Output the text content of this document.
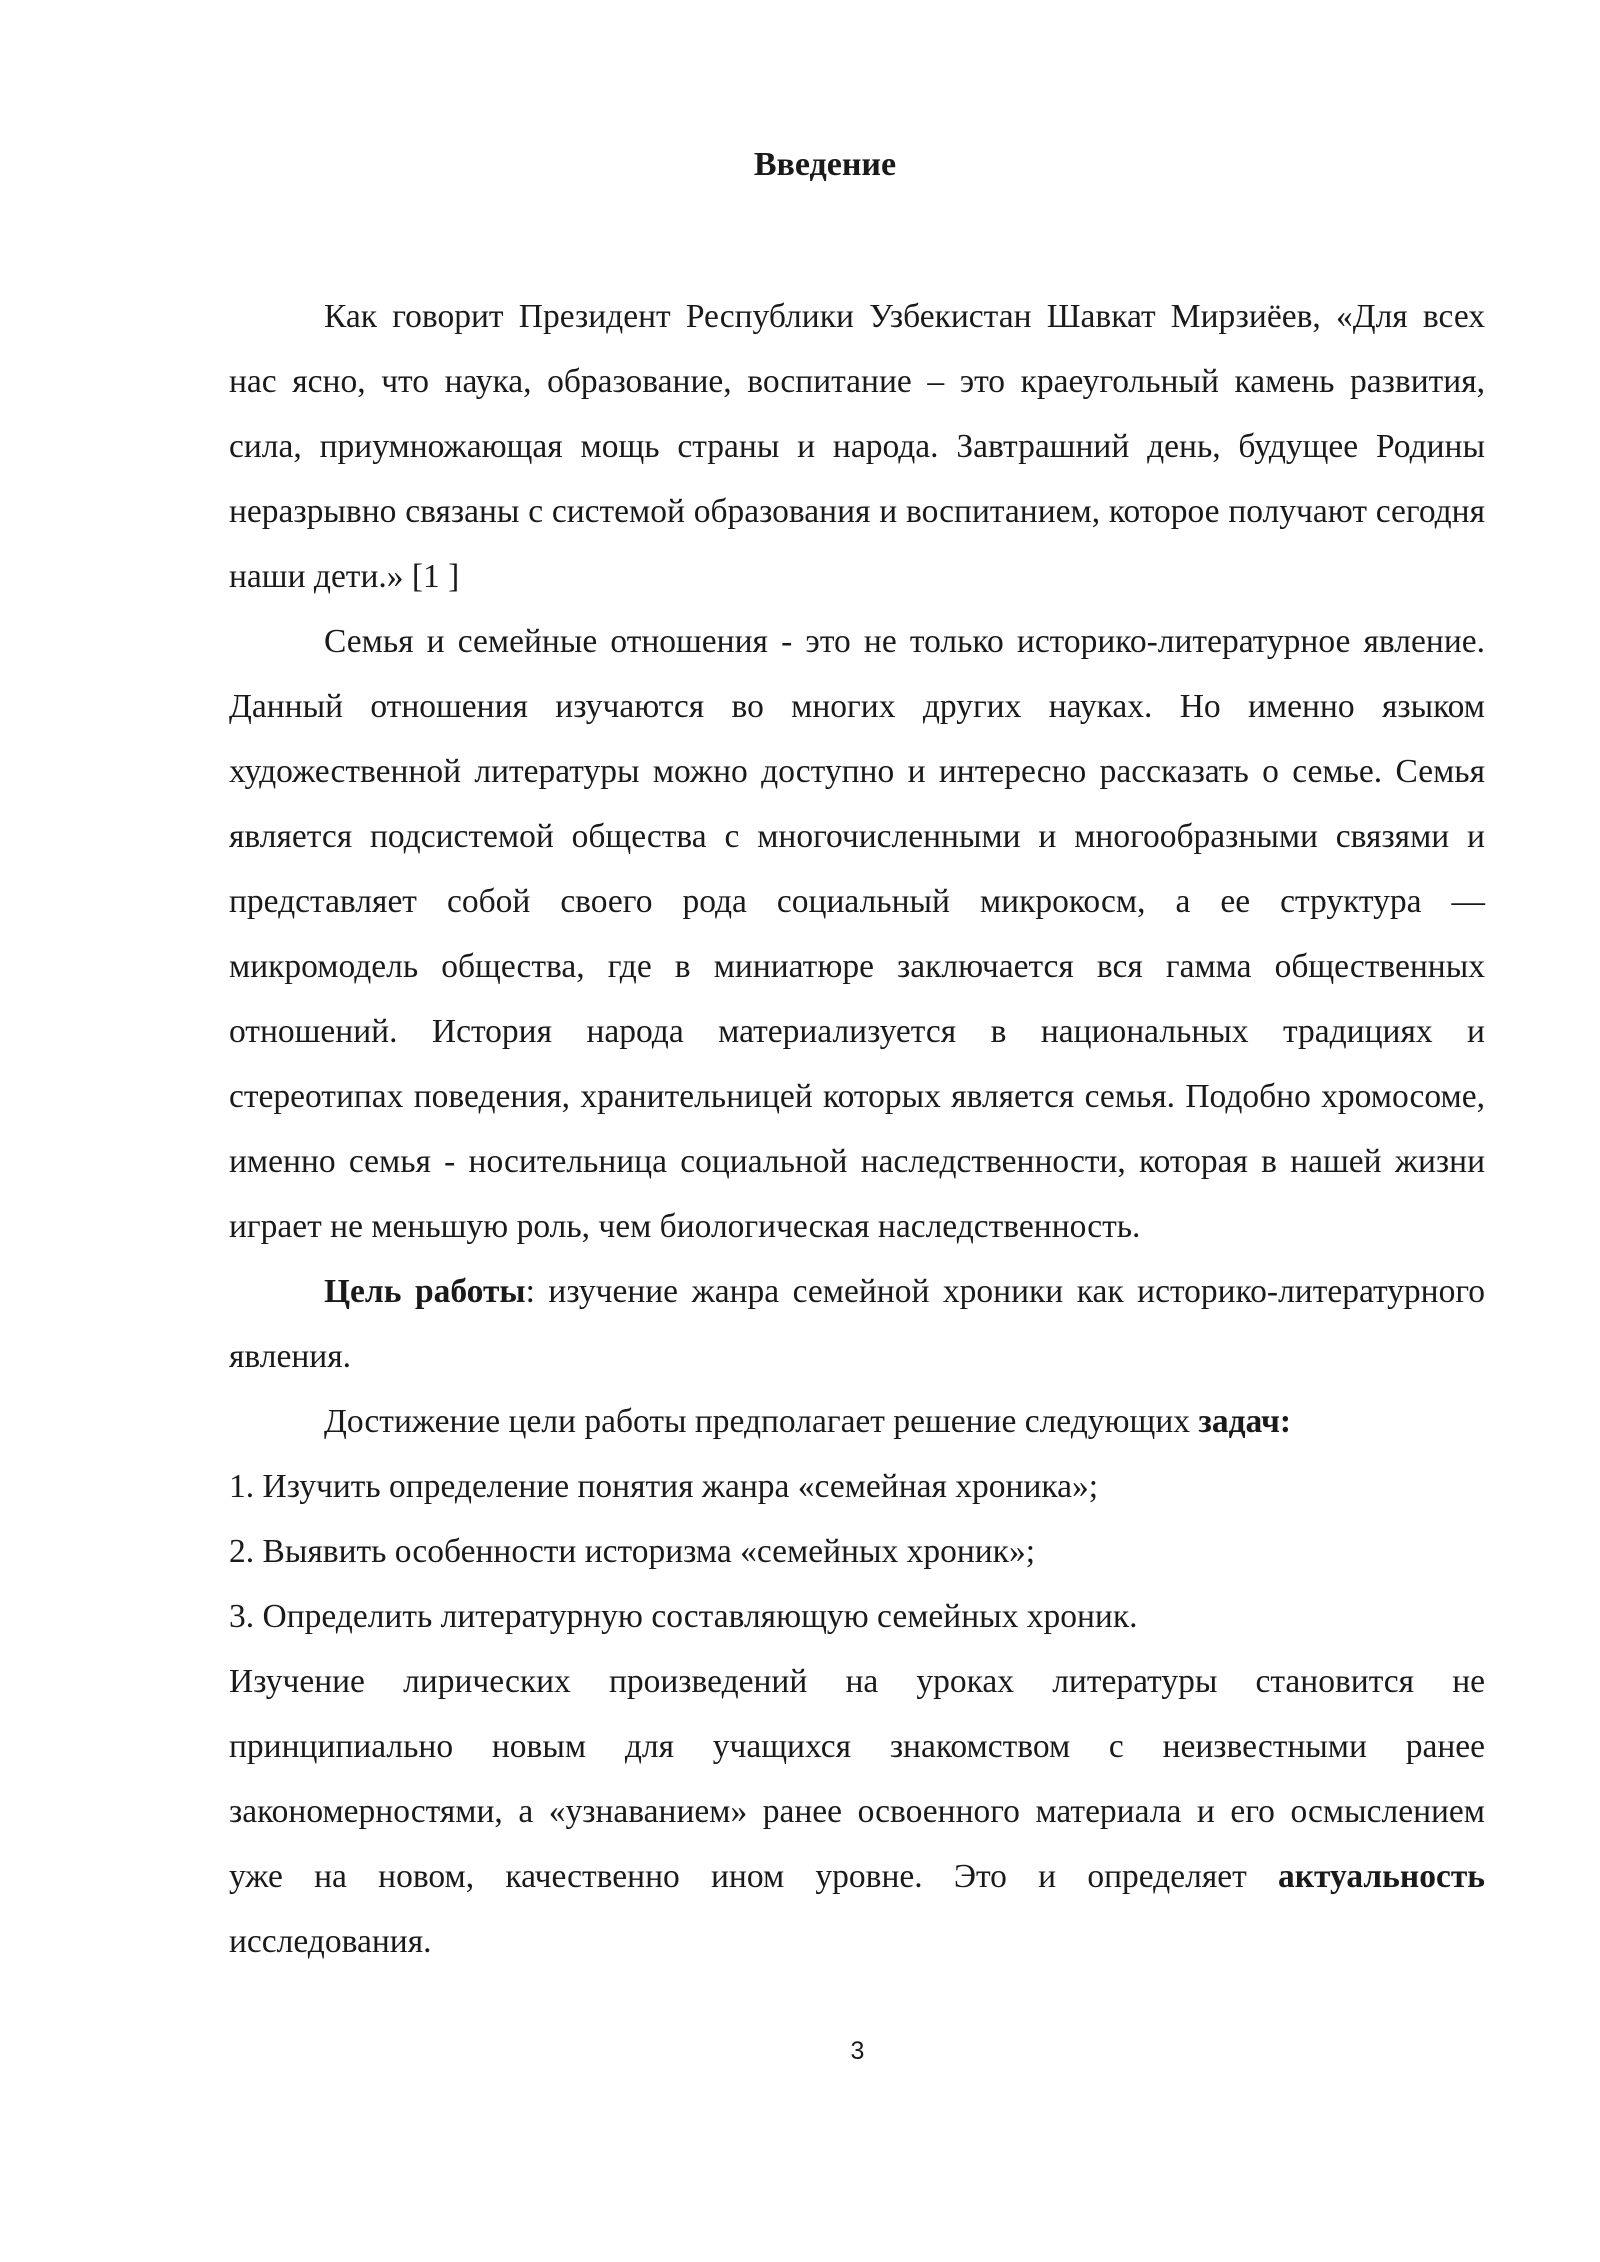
Введение

Как говорит Президент Республики Узбекистан Шавкат Мирзиёев, «Для всех нас ясно, что наука, образование, воспитание – это краеугольный камень развития, сила, приумножающая мощь страны и народа. Завтрашний день, будущее Родины неразрывно связаны с системой образования и воспитанием, которое получают сегодня наши дети.» [1 ]

Семья и семейные отношения - это не только историко-литературное явление. Данный отношения изучаются во многих других науках. Но именно языком художественной литературы можно доступно и интересно рассказать о семье. Семья является подсистемой общества с многочисленными и многообразными связями и представляет собой своего рода социальный микрокосм, а ее структура — микромодель общества, где в миниатюре заключается вся гамма общественных отношений. История народа материализуется в национальных традициях и стереотипах поведения, хранительницей которых является семья. Подобно хромосоме, именно семья - носительница социальной наследственности, которая в нашей жизни играет не меньшую роль, чем биологическая наследственность.

Цель работы: изучение жанра семейной хроники как историко-литературного явления.

Достижение цели работы предполагает решение следующих задач:

1. Изучить определение понятия жанра «семейная хроника»;

2. Выявить особенности историзма «семейных хроник»;

3. Определить литературную составляющую семейных хроник.

Изучение лирических произведений на уроках литературы становится не принципиально новым для учащихся знакомством с неизвестными ранее закономерностями, а «узнаванием» ранее освоенного материала и его осмыслением уже на новом, качественно ином уровне. Это и определяет актуальность исследования.

3
